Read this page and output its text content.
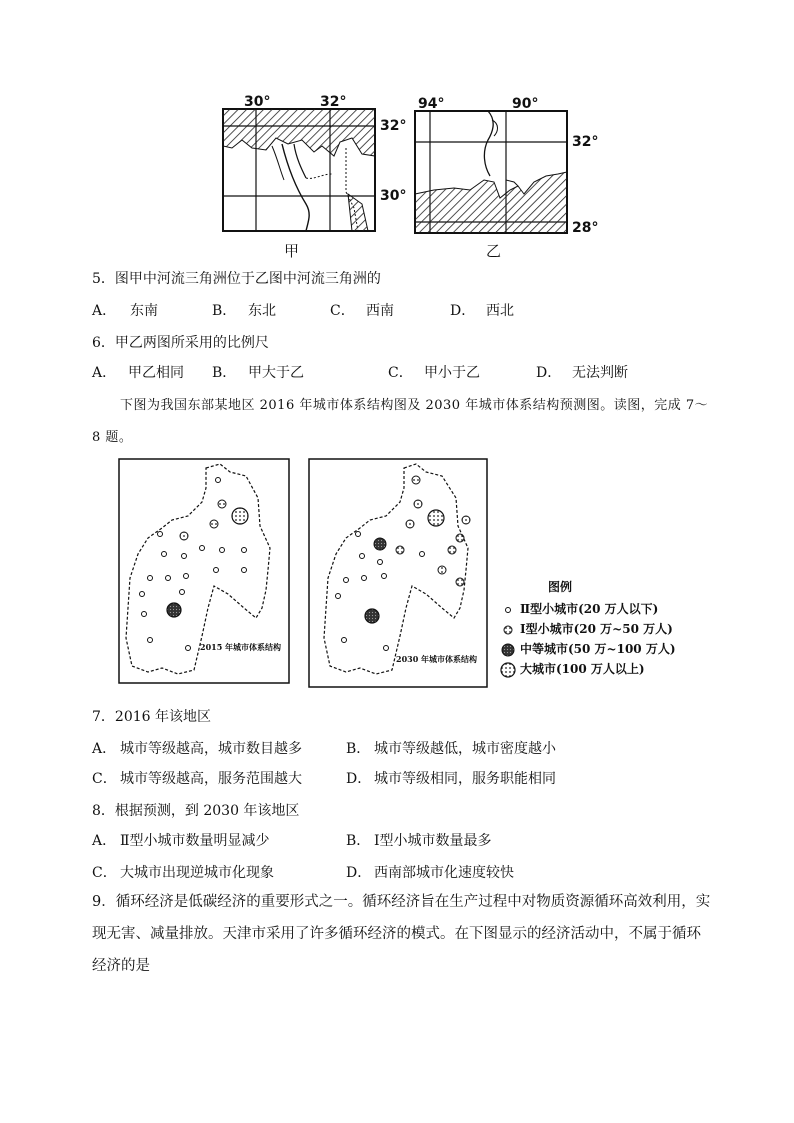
30°	32°
32°
30°
甲
94°	90°
32°
28°
乙
5．图甲中河流三角洲位于乙图中河流三角洲的
A． 东南	B． 东北	C． 西南	D． 西北
6．甲乙两图所采用的比例尺
A． 甲乙相同 B． 甲大于乙	C． 甲小于乙	D． 无法判断
下图为我国东部某地区 2016 年城市体系结构图及 2030 年城市体系结构预测图。读图，完成 7～
8 题。
2015 年城市体系结构
2030 年城市体系结构
图例
Ⅱ型小城市(20 万人以下)
Ⅰ型小城市(20 万~50 万人)
中等城市(50 万~100 万人)
大城市(100 万人以上)
7．2016 年该地区
A． 城市等级越高，城市数目越多	B． 城市等级越低，城市密度越小
C． 城市等级越高，服务范围越大	D． 城市等级相同，服务职能相同
8．根据预测，到 2030 年该地区
A． Ⅱ型小城市数量明显减少	B． Ⅰ型小城市数量最多
C． 大城市出现逆城市化现象	D． 西南部城市化速度较快
9．循环经济是低碳经济的重要形式之一。循环经济旨在生产过程中对物质资源循环高效利用，实现无害、减量排放。天津市采用了许多循环经济的模式。在下图显示的经济活动中，不属于循环经济的是
